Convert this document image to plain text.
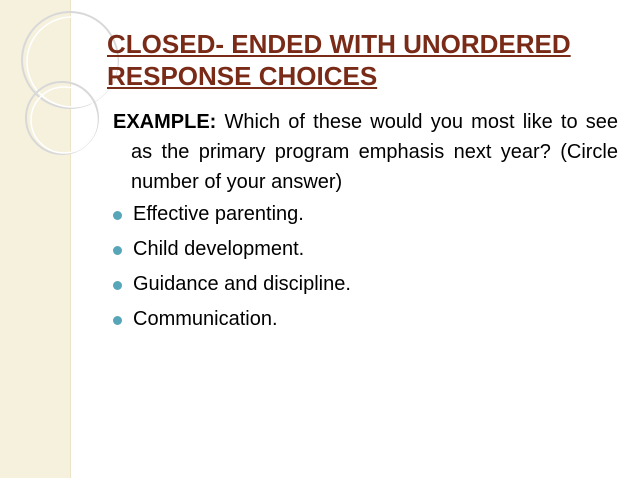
CLOSED- ENDED WITH UNORDERED
RESPONSE CHOICES

EXAMPLE: Which of these would you most like to see as the primary program emphasis next year? (Circle number of your answer)

Effective parenting.
Child development.
Guidance and discipline.
Communication.
